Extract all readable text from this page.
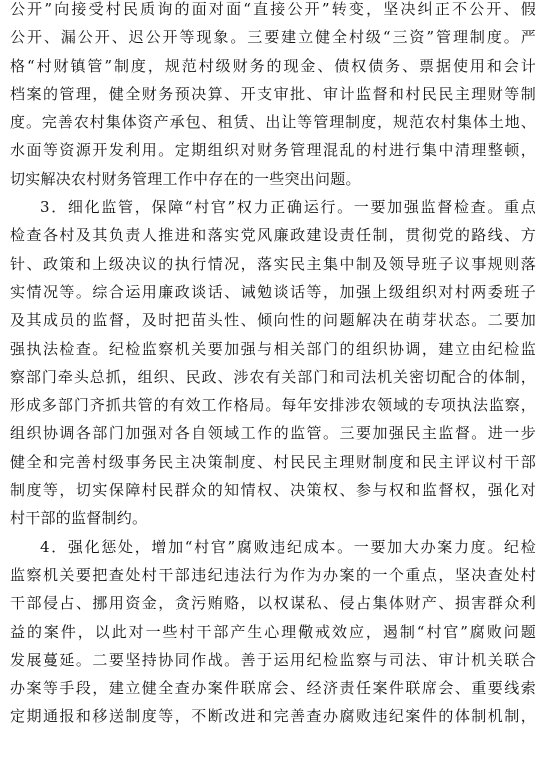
公开”向接受村民质询的面对面“直接公开”转变，坚决纠正不公开、假
公开、漏公开、迟公开等现象。三要建立健全村级“三资”管理制度。严
格“村财镇管”制度，规范村级财务的现金、债权债务、票据使用和会计
档案的管理，健全财务预决算、开支审批、审计监督和村民民主理财等制
度。完善农村集体资产承包、租赁、出让等管理制度，规范农村集体土地、
水面等资源开发利用。定期组织对财务管理混乱的村进行集中清理整顿，
切实解决农村财务管理工作中存在的一些突出问题。
3．细化监管，保障“村官”权力正确运行。一要加强监督检查。重点
检查各村及其负责人推进和落实党风廉政建设责任制，贯彻党的路线、方
针、政策和上级决议的执行情况，落实民主集中制及领导班子议事规则落
实情况等。综合运用廉政谈话、诫勉谈话等，加强上级组织对村两委班子
及其成员的监督，及时把苗头性、倾向性的问题解决在萌芽状态。二要加
强执法检查。纪检监察机关要加强与相关部门的组织协调，建立由纪检监
察部门牵头总抓，组织、民政、涉农有关部门和司法机关密切配合的体制，
形成多部门齐抓共管的有效工作格局。每年安排涉农领域的专项执法监察，
组织协调各部门加强对各自领域工作的监管。三要加强民主监督。进一步
健全和完善村级事务民主决策制度、村民民主理财制度和民主评议村干部
制度等，切实保障村民群众的知情权、决策权、参与权和监督权，强化对
村干部的监督制约。
4．强化惩处，增加“村官”腐败违纪成本。一要加大办案力度。纪检
监察机关要把查处村干部违纪违法行为作为办案的一个重点，坚决查处村
干部侵占、挪用资金，贪污贿赂，以权谋私、侵占集体财产、损害群众利
益的案件，以此对一些村干部产生心理儆戒效应，遏制“村官”腐败问题
发展蔓延。二要坚持协同作战。善于运用纪检监察与司法、审计机关联合
办案等手段，建立健全查办案件联席会、经济责任案件联席会、重要线索
定期通报和移送制度等，不断改进和完善查办腐败违纪案件的体制机制，
